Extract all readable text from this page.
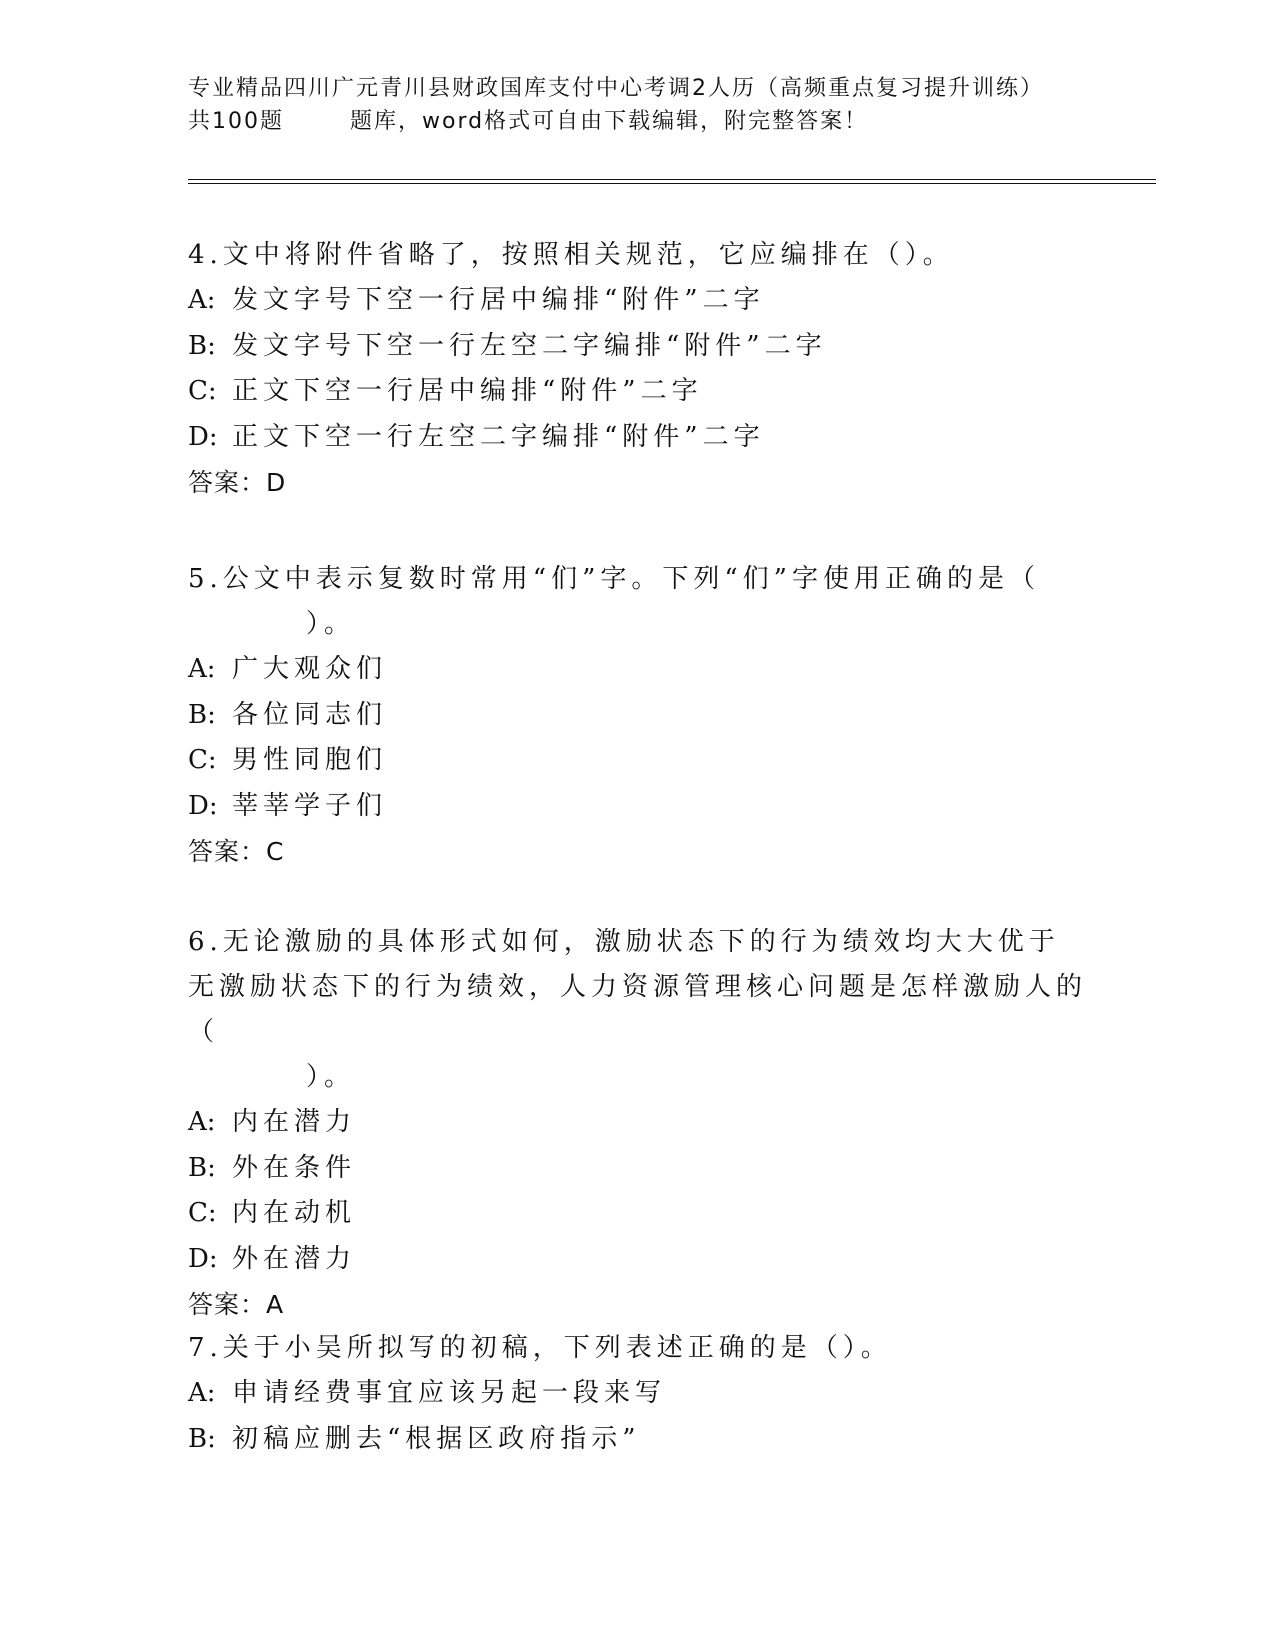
专业精品四川广元青川县财政国库支付中心考调2人历（高频重点复习提升训练）
共100题	题库，word格式可自由下载编辑，附完整答案！
4.文中将附件省略了，按照相关规范，它应编排在（）。
A: 发文字号下空一行居中编排“附件”二字
B: 发文字号下空一行左空二字编排“附件”二字
C: 正文下空一行居中编排“附件”二字
D: 正文下空一行左空二字编排“附件”二字
答案：D
5.公文中表示复数时常用“们”字。下列“们”字使用正确的是（
）。
A: 广大观众们
B: 各位同志们
C: 男性同胞们
D: 莘莘学子们
答案：C
6.无论激励的具体形式如何，激励状态下的行为绩效均大大优于无激励状态下的行为绩效，人力资源管理核心问题是怎样激励人的（
）。
A: 内在潜力
B: 外在条件
C: 内在动机
D: 外在潜力
答案：A
7.关于小吴所拟写的初稿，下列表述正确的是（）。
A: 申请经费事宜应该另起一段来写
B: 初稿应删去“根据区政府指示”
